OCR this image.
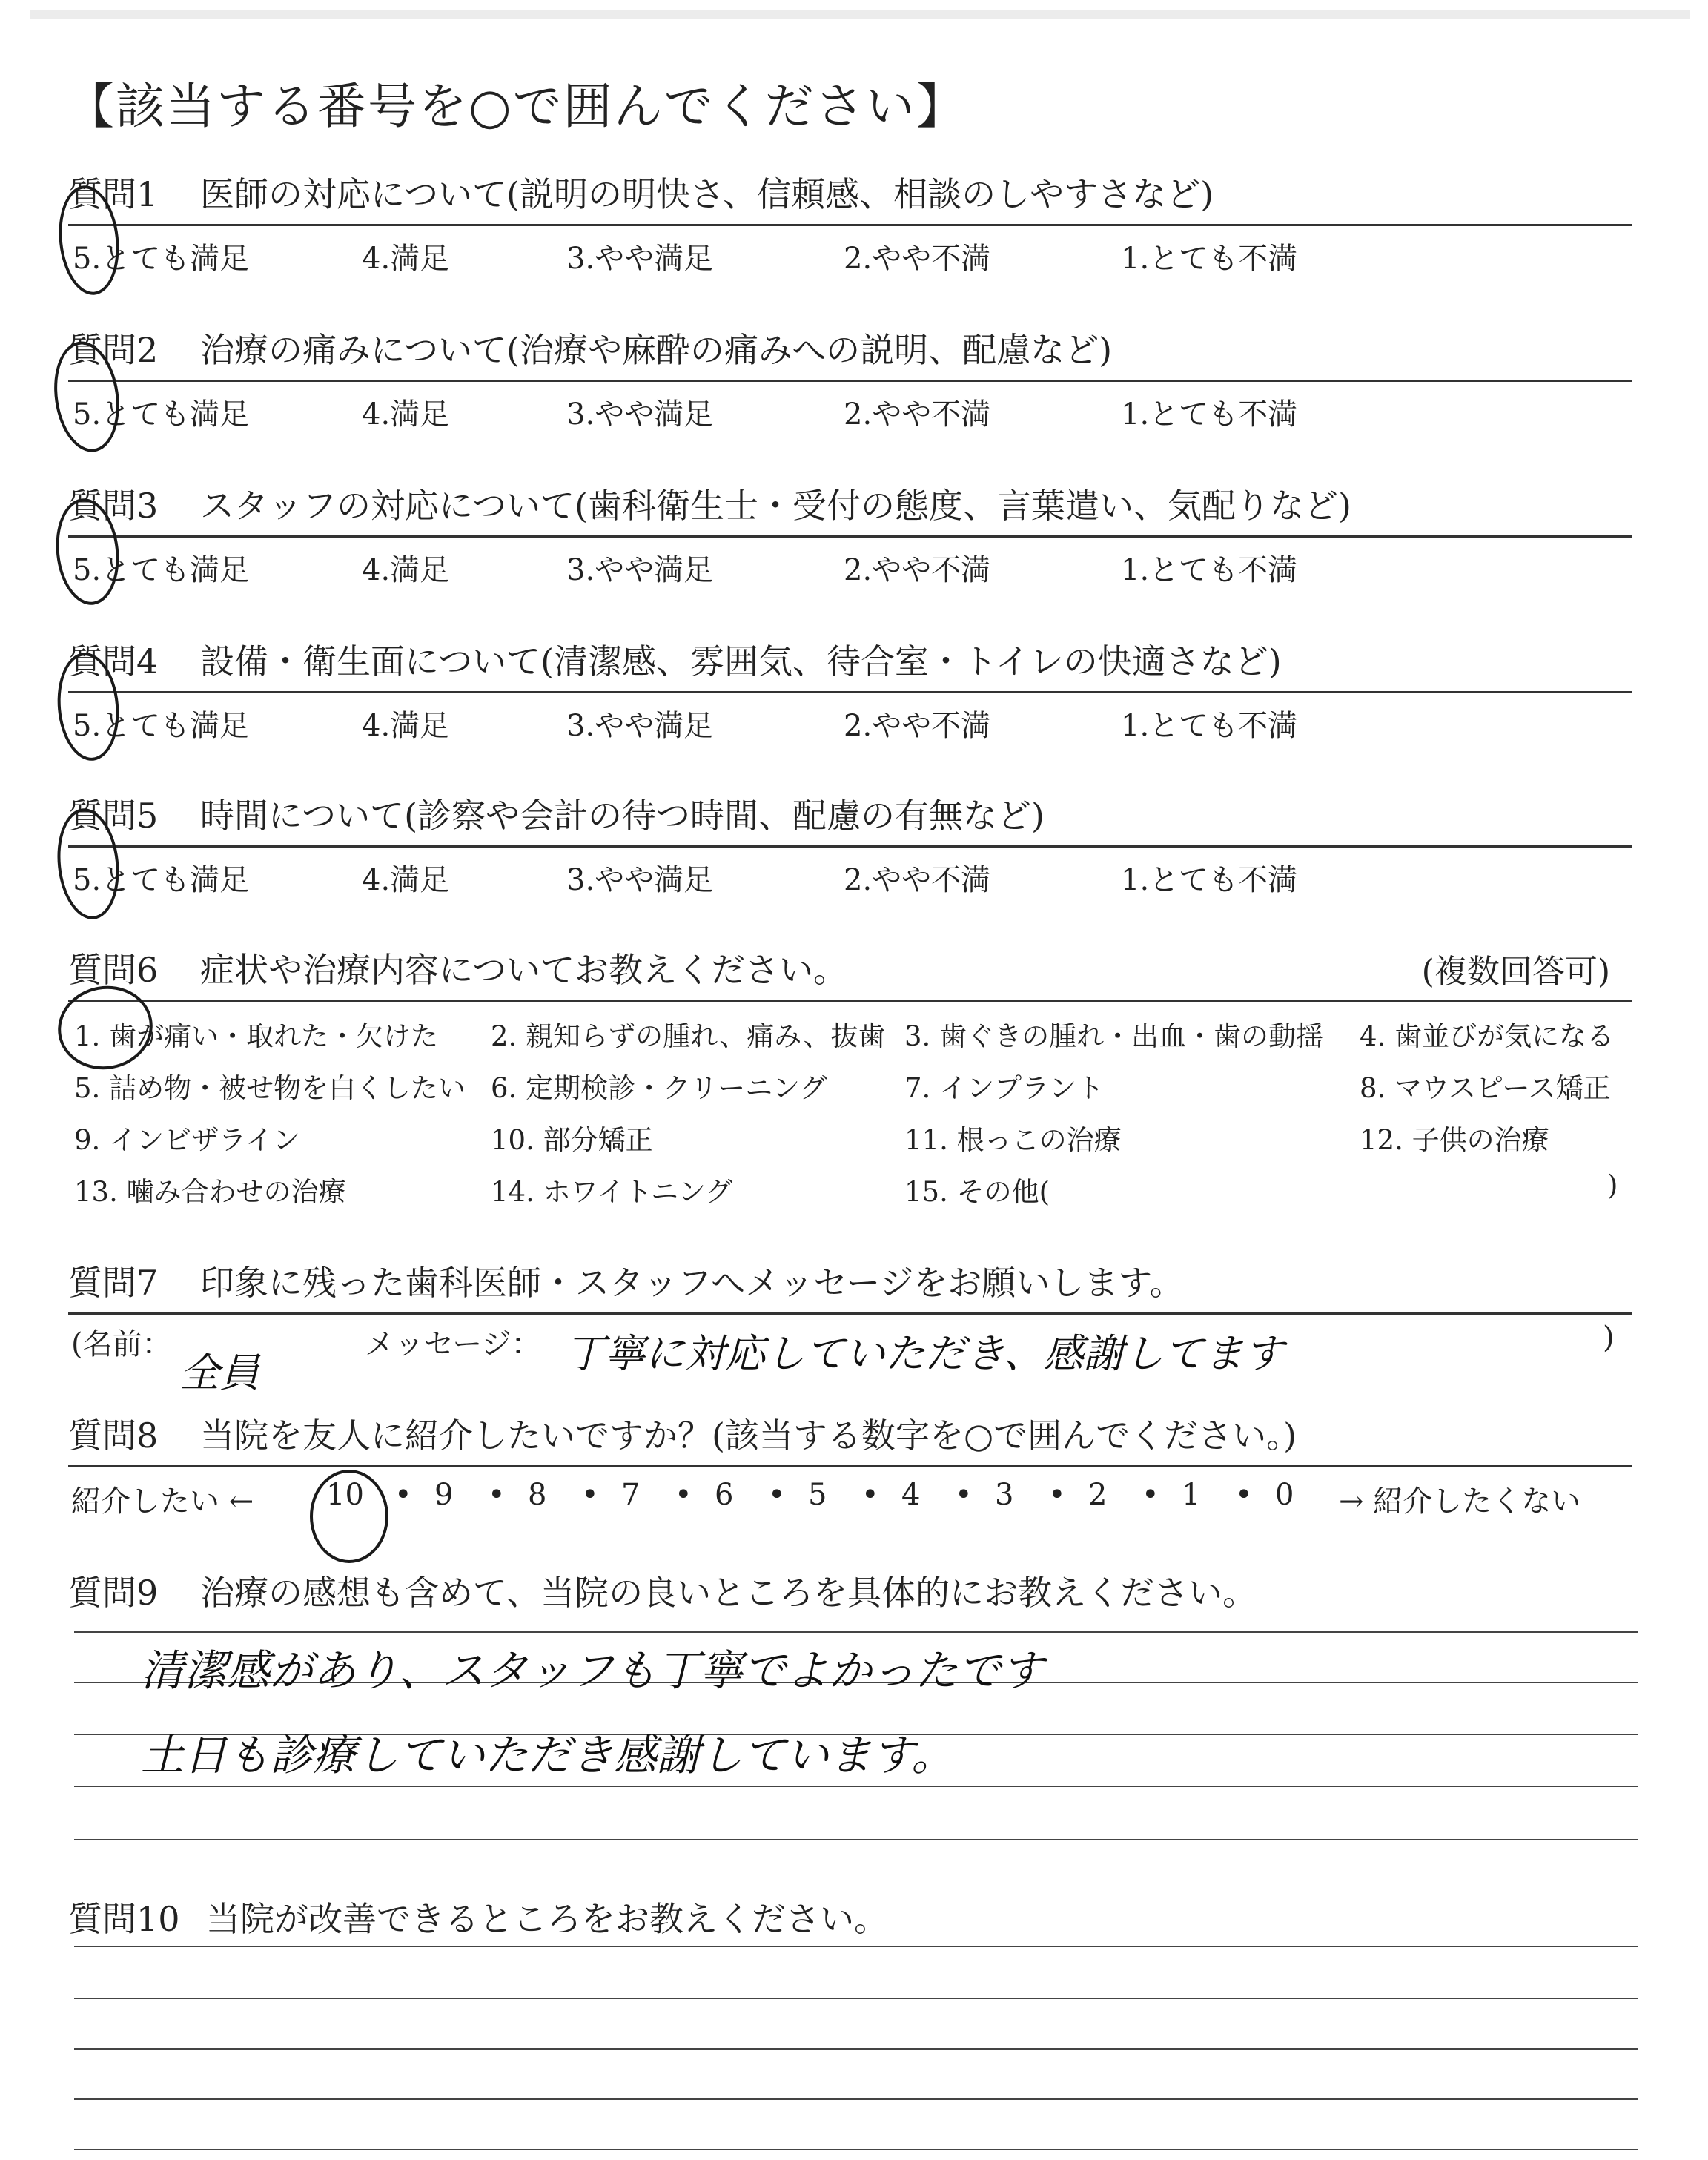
【該当する番号を○で囲んでください】
質問1 医師の対応について(説明の明快さ、信頼感、相談のしやすさなど)
5.とても満足	4.満足	3.やや満足	2.やや不満	1.とても不満
質問2 治療の痛みについて(治療や麻酔の痛みへの説明、配慮など)
5.とても満足	4.満足	3.やや満足	2.やや不満	1.とても不満
質問3 スタッフの対応について(歯科衛生士・受付の態度、言葉遣い、気配りなど)
5.とても満足	4.満足	3.やや満足	2.やや不満	1.とても不満
質問4 設備・衛生面について(清潔感、雰囲気、待合室・トイレの快適さなど)
5.とても満足	4.満足	3.やや満足	2.やや不満	1.とても不満
質問5 時間について(診察や会計の待つ時間、配慮の有無など)
5.とても満足	4.満足	3.やや満足	2.やや不満	1.とても不満
質問6 症状や治療内容についてお教えください。	(複数回答可)
1. 歯が痛い・取れた・欠けた 2. 親知らずの腫れ、痛み、抜歯 3. 歯ぐきの腫れ・出血・歯の動揺 4. 歯並びが気になる
5. 詰め物・被せ物を白くしたい 6. 定期検診・クリーニング	7. インプラント	8. マウスピース矯正
9. インビザライン	10. 部分矯正	11. 根っこの治療	12. 子供の治療
13. 噛み合わせの治療	14. ホワイトニング	15. その他(	)
質問7 印象に残った歯科医師・スタッフへメッセージをお願いします。
(名前：	メッセージ：	)
全員	丁寧に対応していただき、感謝してます
質問8 当院を友人に紹介したいですか？(該当する数字を○で囲んでください。)
紹介したい ← 10 • 9 • 8 • 7 • 6 • 5 • 4 • 3 • 2 • 1 • 0 → 紹介したくない
質問9 治療の感想も含めて、当院の良いところを具体的にお教えください。
清潔感があり、スタッフも丁寧でよかったです
土日も診療していただき感謝しています。
質問10 当院が改善できるところをお教えください。
